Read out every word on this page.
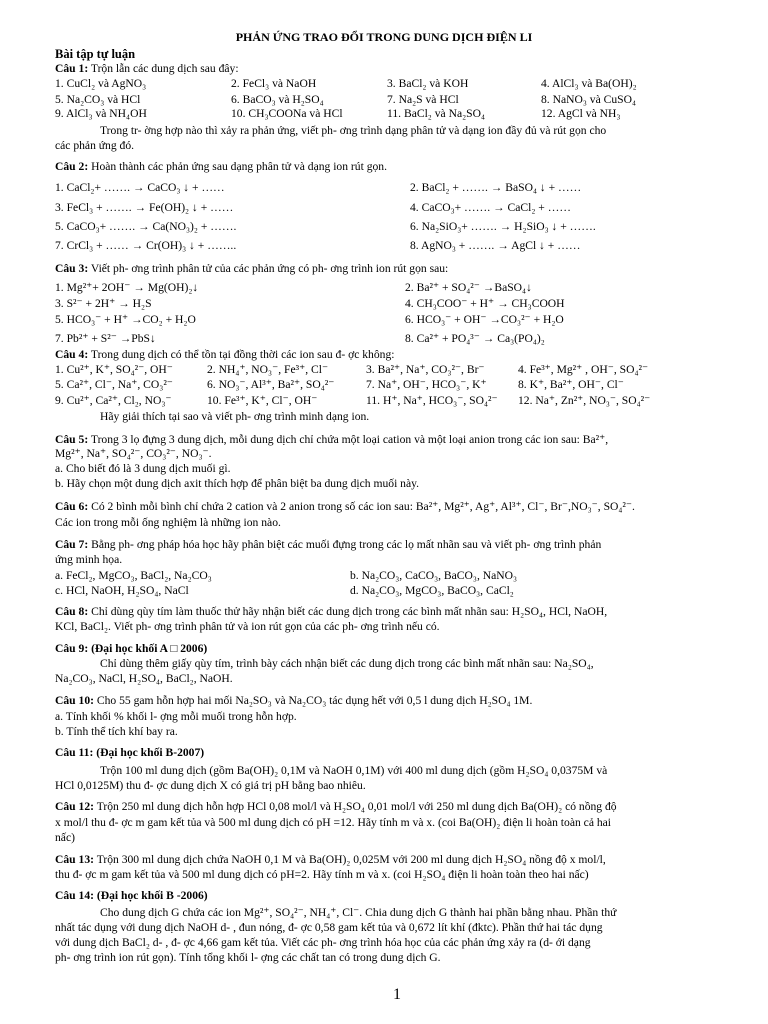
PHẢN ỨNG TRAO ĐỔI TRONG DUNG DỊCH ĐIỆN LI
Bài tập tự luận
Câu 1: Trộn lẫn các dung dịch sau đây:
1. CuCl₂ và AgNO₃	2. FeCl₃ và NaOH	3. BaCl₂ và KOH	4. AlCl₃ và Ba(OH)₂
5. Na₂CO₃ và HCl	6. BaCO₃ và H₂SO₄	7. Na₂S và HCl	8. NaNO₃ và CuSO₄
9. AlCl₃ và NH₄OH	10. CH₃COONa và HCl	11. BaCl₂ và Na₂SO₄	12. AgCl và NH₃
Trong tr- ờng hợp nào thì xảy ra phản ứng, viết ph- ơng trình dạng phân tử và dạng ion đầy đủ và rút gọn cho
các phản ứng đó.
Câu 2: Hoàn thành các phản ứng sau dạng phân tử và dạng ion rút gọn.
1. CaCl₂+ ……. → CaCO₃ ↓ + ……	2. BaCl₂ + ……. → BaSO₄ ↓ + ……
3. FeCl₃ + ……. → Fe(OH)₂ ↓ + ……	4. CaCO₃+ ……. → CaCl₂ + ……
5. CaCO₃+ ……. → Ca(NO₃)₂ + …….	6. Na₂SiO₃+ ……. → H₂SiO₃ ↓ + …….
7. CrCl₃ + …… → Cr(OH)₃ ↓ + ……..	8. AgNO₃ + ……. → AgCl ↓ + ……
Câu 3: Viết ph- ơng trình phân tử của các phản ứng có ph- ơng trình ion rút gọn sau:
1. Mg²⁺+ 2OH⁻ → Mg(OH)₂↓	2. Ba²⁺ + SO₄²⁻ →BaSO₄↓
3. S²⁻ + 2H⁺ → H₂S	4. CH₃COO⁻ + H⁺ → CH₃COOH
5. HCO₃⁻ + H⁺ →CO₂ + H₂O	6. HCO₃⁻ + OH⁻ →CO₃²⁻ + H₂O
7. Pb²⁺ + S²⁻ →PbS↓	8. Ca²⁺ + PO₄³⁻ → Ca₃(PO₄)₂
Câu 4: Trong dung dịch có thể tồn tại đồng thời các ion sau đ- ợc không:
1. Cu²⁺, K⁺, SO₄²⁻, OH⁻	2. NH₄⁺, NO₃⁻, Fe³⁺, Cl⁻	3. Ba²⁺, Na⁺, CO₃²⁻, Br⁻	4. Fe³⁺, Mg²⁺ , OH⁻, SO₄²⁻
5. Ca²⁺, Cl⁻, Na⁺, CO₃²⁻	6. NO₃⁻, Al³⁺, Ba²⁺, SO₄²⁻	7. Na⁺, OH⁻, HCO₃⁻, K⁺	8. K⁺, Ba²⁺, OH⁻, Cl⁻
9. Cu²⁺, Ca²⁺, Cl₂, NO₃⁻	10. Fe³⁺, K⁺, Cl⁻, OH⁻	11. H⁺, Na⁺, HCO₃⁻, SO₄²⁻ 12. Na⁺, Zn²⁺, NO₃⁻, SO₄²⁻
Hãy giải thích tại sao và viết ph- ơng trình minh dạng ion.
Câu 5: Trong 3 lọ đựng 3 dung dịch, mỗi dung dịch chỉ chứa một loại cation và một loại anion trong các ion sau: Ba²⁺,
Mg²⁺, Na⁺, SO₄²⁻, CO₃²⁻, NO₃⁻.
a. Cho biết đó là 3 dung dịch muối gì.
b. Hãy chọn một dung dịch axit thích hợp để phân biệt ba dung dịch muối này.
Câu 6: Có 2 bình mỗi bình chỉ chứa 2 cation và 2 anion trong số các ion sau: Ba²⁺, Mg²⁺, Ag⁺, Al³⁺, Cl⁻, Br⁻,NO₃⁻, SO₄²⁻.
Các ion trong mỗi ống nghiệm là những ion nào.
Câu 7: Bằng ph- ơng pháp hóa học hãy phân biệt các muối đựng trong các lọ mất nhãn sau và viết ph- ơng trình phản
ứng minh họa.
a. FeCl₂, MgCO₃, BaCl₂, Na₂CO₃	b. Na₂CO₃, CaCO₃, BaCO₃, NaNO₃
c. HCl, NaOH, H₂SO₄, NaCl	d. Na₂CO₃, MgCO₃, BaCO₃, CaCl₂
Câu 8: Chỉ dùng qùy tím làm thuốc thử hãy nhận biết các dung dịch trong các bình mất nhãn sau: H₂SO₄, HCl, NaOH,
KCl, BaCl₂. Viết ph- ơng trình phân tử và ion rút gọn của các ph- ơng trình nếu có.
Câu 9: (Đại học khối A □ 2006)
Chỉ dùng thêm giấy qùy tím, trình bày cách nhận biết các dung dịch trong các bình mất nhãn sau: Na₂SO₄,
Na₂CO₃, NaCl, H₂SO₄, BaCl₂, NaOH.
Câu 10: Cho 55 gam hỗn hợp hai mối Na₂SO₃ và Na₂CO₃ tác dụng hết với 0,5 l dung dịch H₂SO₄ 1M.
a. Tính khối % khối l- ợng mỗi muối trong hỗn hợp.
b. Tính thể tích khí bay ra.
Câu 11: (Đại học khối B-2007)
Trộn 100 ml dung dịch (gồm Ba(OH)₂ 0,1M và NaOH 0,1M) với 400 ml dung dịch (gồm H₂SO₄ 0,0375M và
HCl 0,0125M) thu đ- ợc dung dịch X có giá trị pH bằng bao nhiêu.
Câu 12: Trộn 250 ml dung dịch hỗn hợp HCl 0,08 mol/l và H₂SO₄ 0,01 mol/l với 250 ml dung dịch Ba(OH)₂ có nồng độ
x mol/l thu đ- ợc m gam kết tủa và 500 ml dung dịch có pH =12. Hãy tính m và x. (coi Ba(OH)₂ điện li hoàn toàn cả hai
nấc)
Câu 13: Trộn 300 ml dung dịch chứa NaOH 0,1 M và Ba(OH)₂ 0,025M với 200 ml dung dịch H₂SO₄ nồng độ x mol/l,
thu đ- ợc m gam kết tủa và 500 ml dung dịch có pH=2. Hãy tính m và x. (coi H₂SO₄ điện li hoàn toàn theo hai nấc)
Câu 14: (Đại học khối B -2006)
Cho dung dịch G chứa các ion Mg²⁺, SO₄²⁻, NH₄⁺, Cl⁻. Chia dung dịch G thành hai phần bằng nhau. Phần thứ
nhất tác dụng với dung dịch NaOH d- , đun nóng, đ- ợc 0,58 gam kết tủa và 0,672 lít khí (đktc). Phần thứ hai tác dụng
với dung dịch BaCl₂ d- , đ- ợc 4,66 gam kết tủa. Viết các ph- ơng trình hóa học của các phản ứng xảy ra (d- ới dạng
ph- ơng trình ion rút gọn). Tính tổng khối l- ợng các chất tan có trong dung dịch G.
1
